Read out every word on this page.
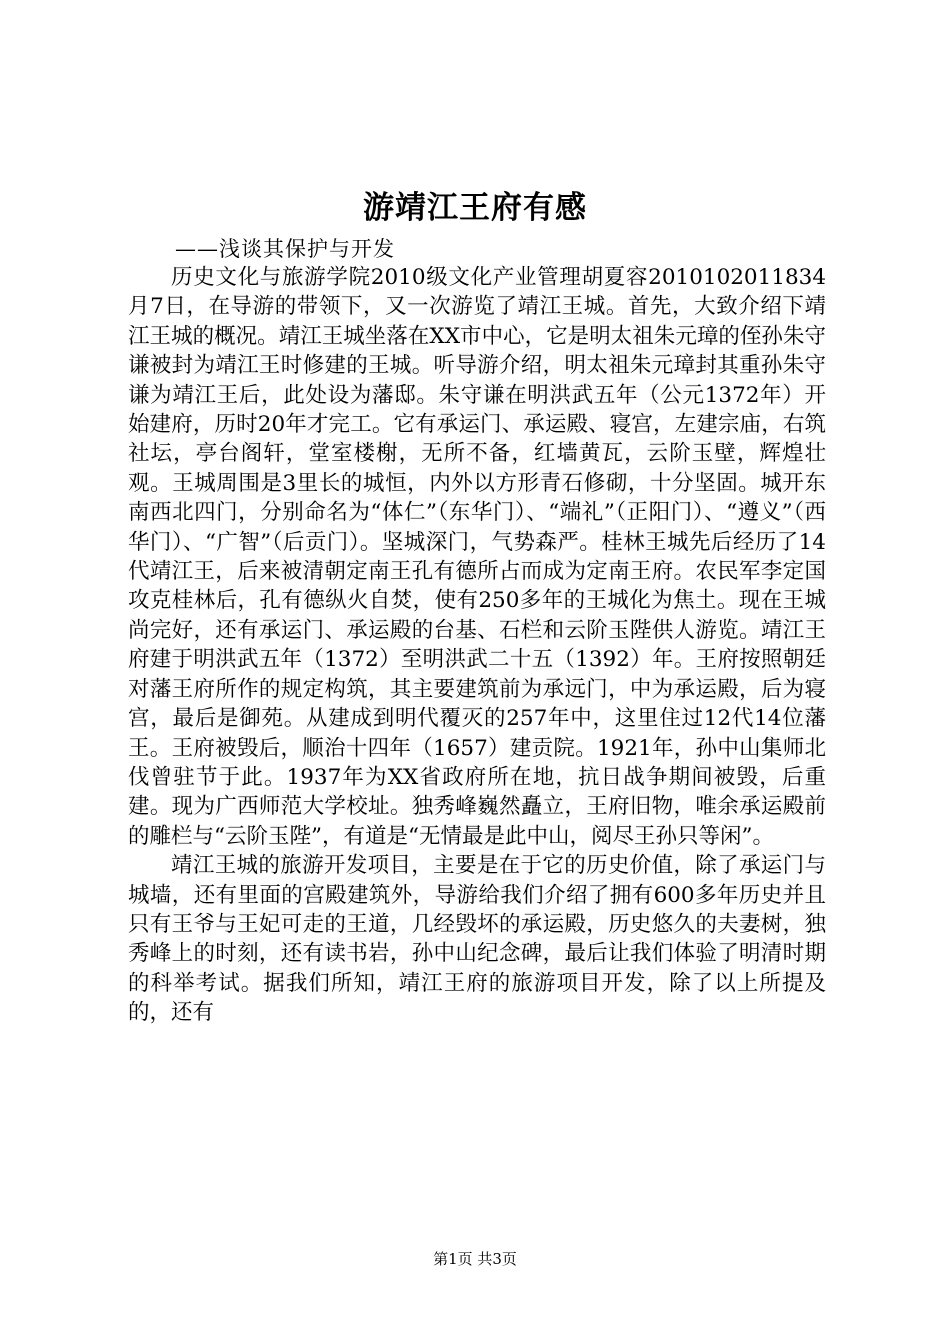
游靖江王府有感
——浅谈其保护与开发

历史文化与旅游学院2010级文化产业管理胡夏容2010102011834月7日，在导游的带领下，又一次游览了靖江王城。首先，大致介绍下靖江王城的概况。靖江王城坐落在XX市中心，它是明太祖朱元璋的侄孙朱守谦被封为靖江王时修建的王城。听导游介绍，明太祖朱元璋封其重孙朱守谦为靖江王后，此处设为藩邸。朱守谦在明洪武五年（公元1372年）开始建府，历时20年才完工。它有承运门、承运殿、寝宫，左建宗庙，右筑社坛，亭台阁轩，堂室楼榭，无所不备，红墙黄瓦，云阶玉壁，辉煌壮观。王城周围是3里长的城恒，内外以方形青石修砌，十分坚固。城开东南西北四门，分别命名为“体仁”（东华门）、“端礼”（正阳门）、“遵义”（西华门）、“广智”（后贡门）。坚城深门，气势森严。桂林王城先后经历了14代靖江王，后来被清朝定南王孔有德所占而成为定南王府。农民军李定国攻克桂林后，孔有德纵火自焚，使有250多年的王城化为焦土。现在王城尚完好，还有承运门、承运殿的台基、石栏和云阶玉陛供人游览。靖江王府建于明洪武五年（1372）至明洪武二十五（1392）年。王府按照朝廷对藩王府所作的规定构筑，其主要建筑前为承远门，中为承运殿，后为寝宫，最后是御苑。从建成到明代覆灭的257年中，这里住过12代14位藩王。王府被毁后，顺治十四年（1657）建贡院。1921年，孙中山集师北伐曾驻节于此。1937年为XX省政府所在地，抗日战争期间被毁，后重建。现为广西师范大学校址。独秀峰巍然矗立，王府旧物，唯余承运殿前的雕栏与“云阶玉陛”，有道是“无情最是此中山，阅尽王孙只等闲”。

靖江王城的旅游开发项目，主要是在于它的历史价值，除了承运门与城墙，还有里面的宫殿建筑外，导游给我们介绍了拥有600多年历史并且只有王爷与王妃可走的王道，几经毁坏的承运殿，历史悠久的夫妻树，独秀峰上的时刻，还有读书岩，孙中山纪念碑，最后让我们体验了明清时期的科举考试。据我们所知，靖江王府的旅游项目开发，除了以上所提及的，还有

第1页 共3页
